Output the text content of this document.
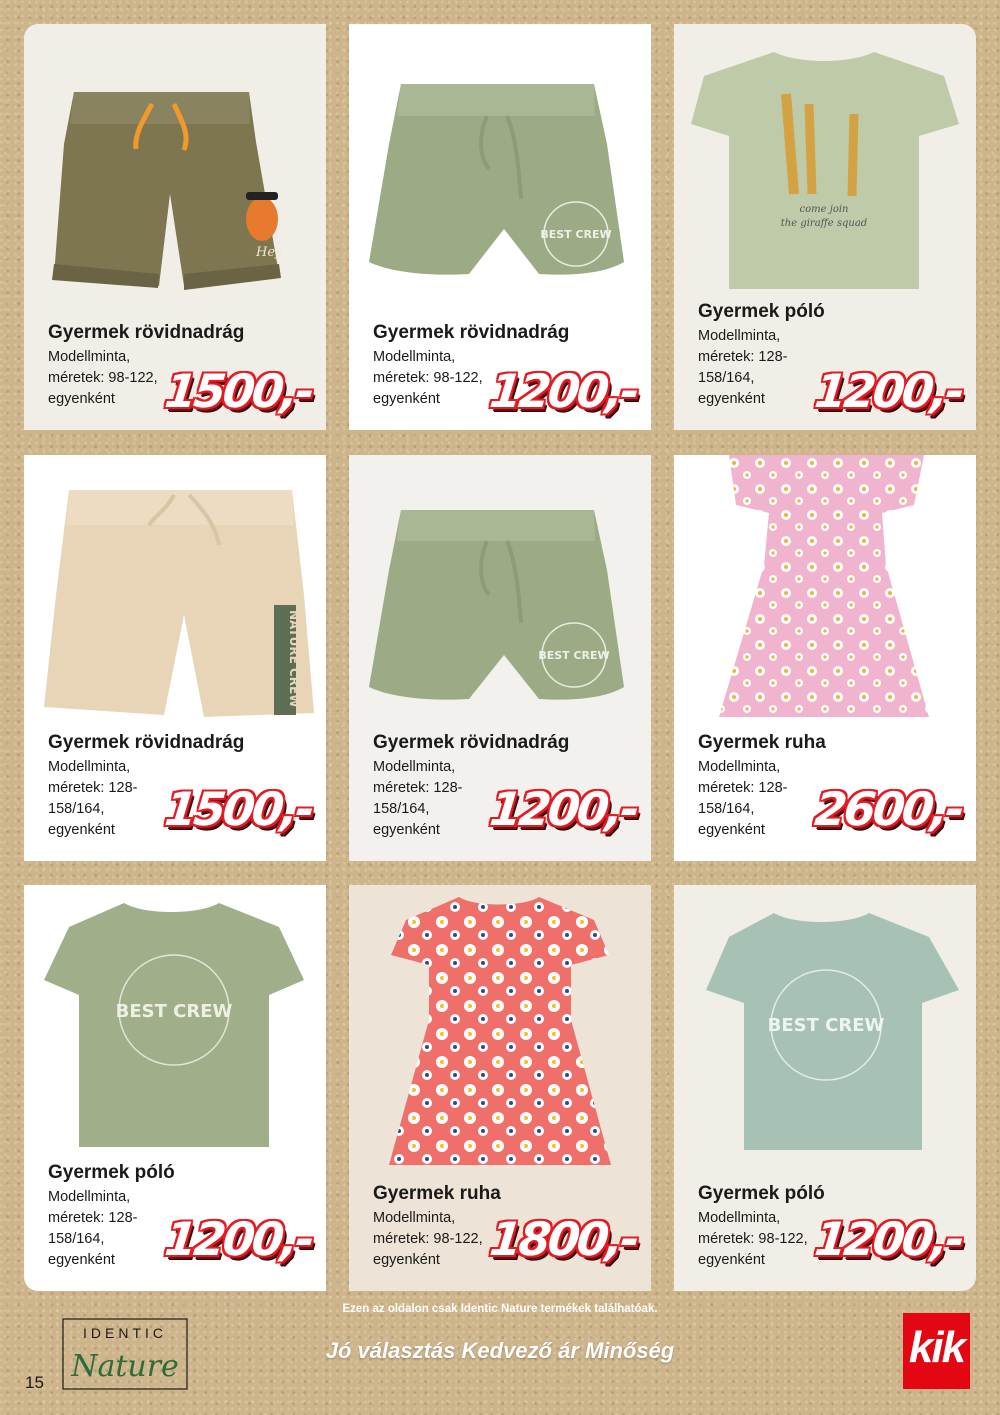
Hey
Gyermek rövidnadrág
Modellminta,
méretek: 98-122,
egyenként	1500,-
BEST CREW
Gyermek rövidnadrág
Modellminta,
méretek: 98-122,
egyenként	1200,-
come join
the giraffe squad
Gyermek póló
Modellminta,
méretek: 128-
158/164,
egyenként	1200,-
NATURE CREW
Gyermek rövidnadrág
Modellminta,
méretek: 128-
158/164,
egyenként	1500,-
BEST CREW
Gyermek rövidnadrág
Modellminta,
méretek: 128-
158/164,
egyenként	1200,-
Gyermek ruha
Modellminta,
méretek: 128-
158/164,
egyenként	2600,-
BEST CREW
Gyermek póló
Modellminta,
méretek: 128-
158/164,
egyenként	1200,-
Gyermek ruha
Modellminta,
méretek: 98-122,
egyenként	1800,-
BEST CREW
Gyermek póló
Modellminta,
méretek: 98-122,
egyenként	1200,-
Ezen az oldalon csak Identic Nature termékek találhatóak.
Jó választás Kedvező ár Minőség
IDENTIC
Nature
15
kik
